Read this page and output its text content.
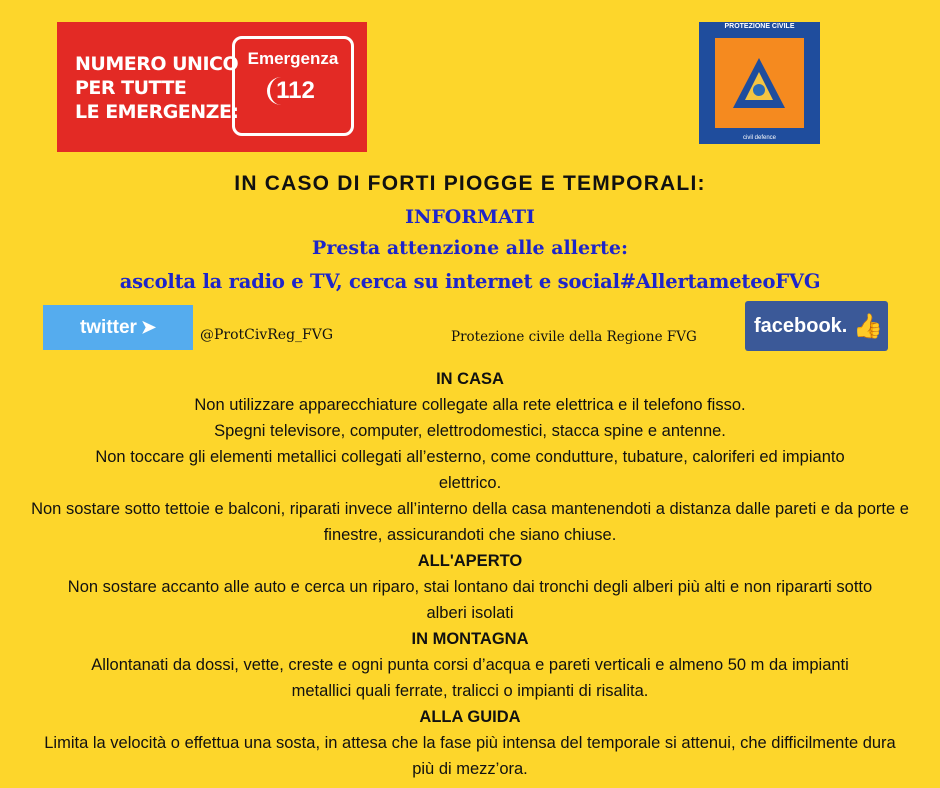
NUMERO UNICO
PER TUTTE
LE EMERGENZE:
Emergenza
112
PROTEZIONE CIVILE
civil defence
IN CASO DI FORTI PIOGGE E TEMPORALI:
INFORMATI
Presta attenzione alle allerte:
ascolta la radio e TV, cerca su internet e social#AllertameteoFVG
twitter ➤	@ProtCivReg_FVG	Protezione civile della Regione FVG
facebook. 👍
IN CASA
Non utilizzare apparecchiature collegate alla rete elettrica e il telefono fisso.
Spegni televisore, computer, elettrodomestici, stacca spine e antenne.
Non toccare gli elementi metallici collegati all’esterno, come condutture, tubature, caloriferi ed impianto elettrico.
Non sostare sotto tettoie e balconi, riparati invece all’interno della casa mantenendoti a distanza dalle pareti e da porte e finestre, assicurandoti che siano chiuse.
ALL'APERTO
Non sostare accanto alle auto e cerca un riparo, stai lontano dai tronchi degli alberi più alti e non ripararti sotto alberi isolati
IN MONTAGNA
Allontanati da dossi, vette, creste e ogni punta corsi d’acqua e pareti verticali e almeno 50 m da impianti metallici quali ferrate, tralicci o impianti di risalita.
ALLA GUIDA
Limita la velocità o effettua una sosta, in attesa che la fase più intensa del temporale si attenui, che difficilmente dura più di mezz’ora.
